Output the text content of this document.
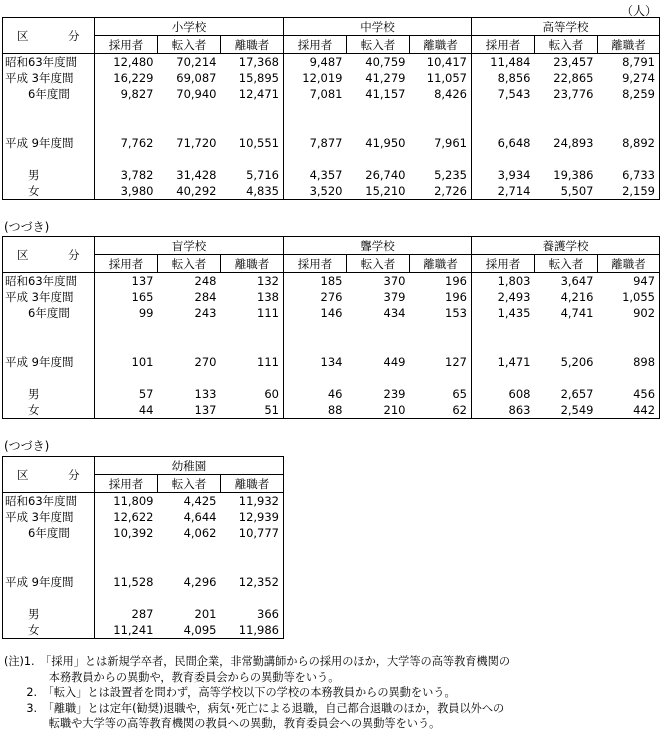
（人）
区　分	小学校			中学校			高等学校		
	採用者	転入者	離職者	採用者	転入者	離職者	採用者	転入者	離職者
昭和63年度間	12,480	70,214	17,368	9,487	40,759	10,417	11,484	23,457	8,791
平成 3年度間	16,229	69,087	15,895	12,019	41,279	11,057	8,856	22,865	9,274
　　6年度間	9,827	70,940	12,471	7,081	41,157	8,426	7,543	23,776	8,259

平成 9年度間	7,762	71,720	10,551	7,877	41,950	7,961	6,648	24,893	8,892

　　男	3,782	31,428	5,716	4,357	26,740	5,235	3,934	19,386	6,733
　　女	3,980	40,292	4,835	3,520	15,210	2,726	2,714	5,507	2,159
(つづき)
区　分	盲学校			聾学校			養護学校		
	採用者	転入者	離職者	採用者	転入者	離職者	採用者	転入者	離職者
昭和63年度間	137	248	132	185	370	196	1,803	3,647	947
平成 3年度間	165	284	138	276	379	196	2,493	4,216	1,055
　　6年度間	99	243	111	146	434	153	1,435	4,741	902

平成 9年度間	101	270	111	134	449	127	1,471	5,206	898

　　男	57	133	60	46	239	65	608	2,657	456
　　女	44	137	51	88	210	62	863	2,549	442
(つづき)
区　分	幼稚園		
	採用者	転入者	離職者
昭和63年度間	11,809	4,425	11,932
平成 3年度間	12,622	4,644	12,939
　　6年度間	10,392	4,062	10,777

平成 9年度間	11,528	4,296	12,352

　　男	287	201	366
　　女	11,241	4,095	11,986
(注)1.　「採用」とは新規学卒者，民間企業，非常勤講師からの採用のほか，大学等の高等教育機関の
　　　　本務教員からの異動や，教育委員会からの異動等をいう。
　　2.　「転入」とは設置者を問わず，高等学校以下の学校の本務教員からの異動をいう。
　　3.　「離職」とは定年(勧奨)退職や，病気･死亡による退職，自己都合退職のほか，教員以外への
　　　　転職や大学等の高等教育機関の教員への異動，教育委員会への異動等をいう。
